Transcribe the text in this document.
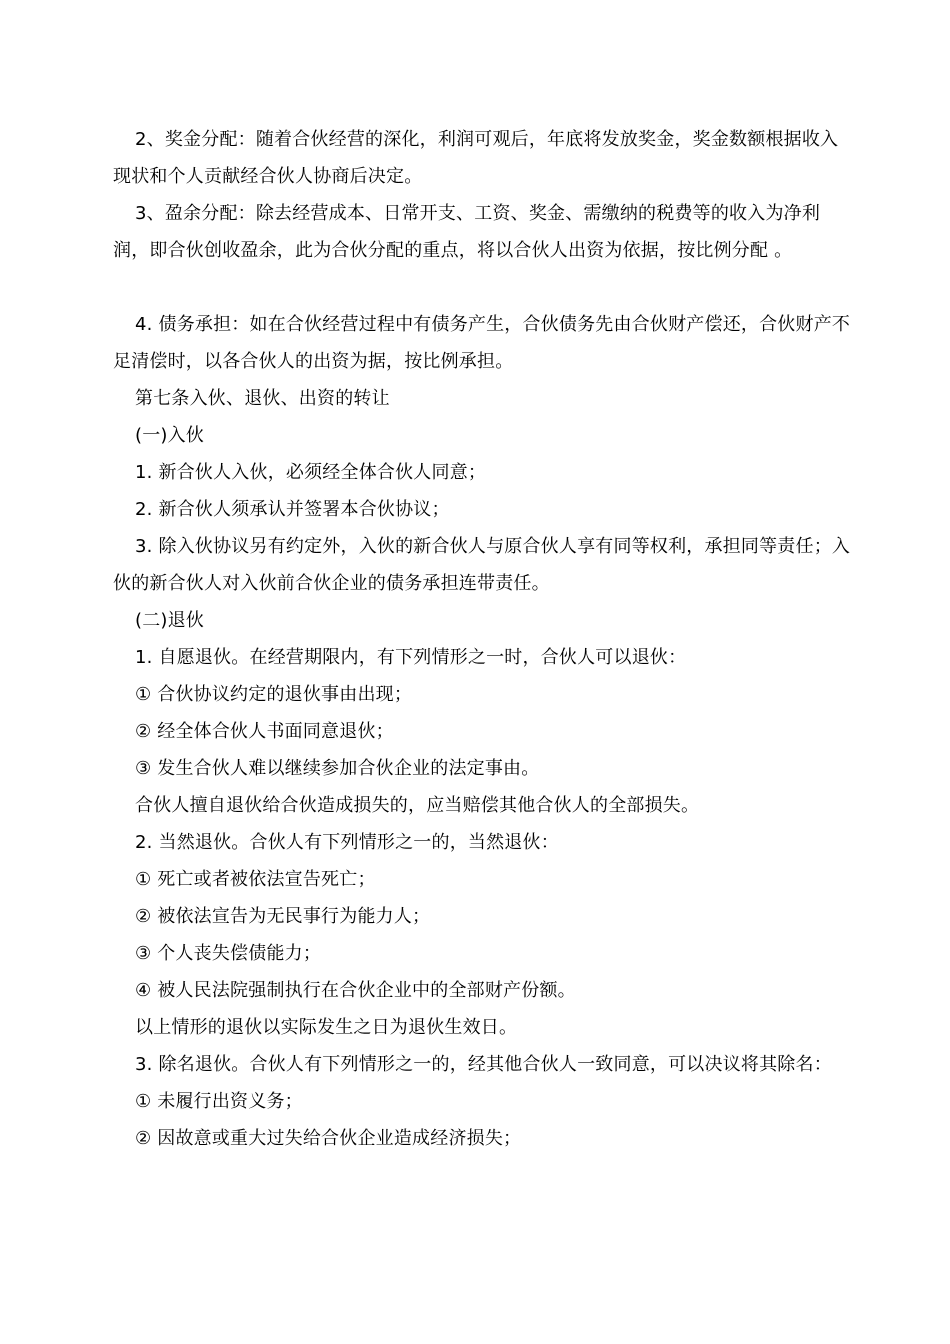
2、奖金分配：随着合伙经营的深化，利润可观后，年底将发放奖金，奖金数额根据收入现状和个人贡献经合伙人协商后决定。

3、盈余分配：除去经营成本、日常开支、工资、奖金、需缴纳的税费等的收入为净利润，即合伙创收盈余，此为合伙分配的重点，将以合伙人出资为依据，按比例分配 。

4. 债务承担：如在合伙经营过程中有债务产生，合伙债务先由合伙财产偿还，合伙财产不足清偿时，以各合伙人的出资为据，按比例承担。

第七条入伙、退伙、出资的转让

(一)入伙

1. 新合伙人入伙，必须经全体合伙人同意；

2. 新合伙人须承认并签署本合伙协议；

3. 除入伙协议另有约定外，入伙的新合伙人与原合伙人享有同等权利，承担同等责任；入伙的新合伙人对入伙前合伙企业的债务承担连带责任。

(二)退伙

1. 自愿退伙。在经营期限内，有下列情形之一时，合伙人可以退伙：

① 合伙协议约定的退伙事由出现；

② 经全体合伙人书面同意退伙；

③ 发生合伙人难以继续参加合伙企业的法定事由。

合伙人擅自退伙给合伙造成损失的，应当赔偿其他合伙人的全部损失。

2. 当然退伙。合伙人有下列情形之一的，当然退伙：

① 死亡或者被依法宣告死亡；

② 被依法宣告为无民事行为能力人；

③ 个人丧失偿债能力；

④ 被人民法院强制执行在合伙企业中的全部财产份额。

以上情形的退伙以实际发生之日为退伙生效日。

3. 除名退伙。合伙人有下列情形之一的，经其他合伙人一致同意，可以决议将其除名：

① 未履行出资义务；

② 因故意或重大过失给合伙企业造成经济损失；
